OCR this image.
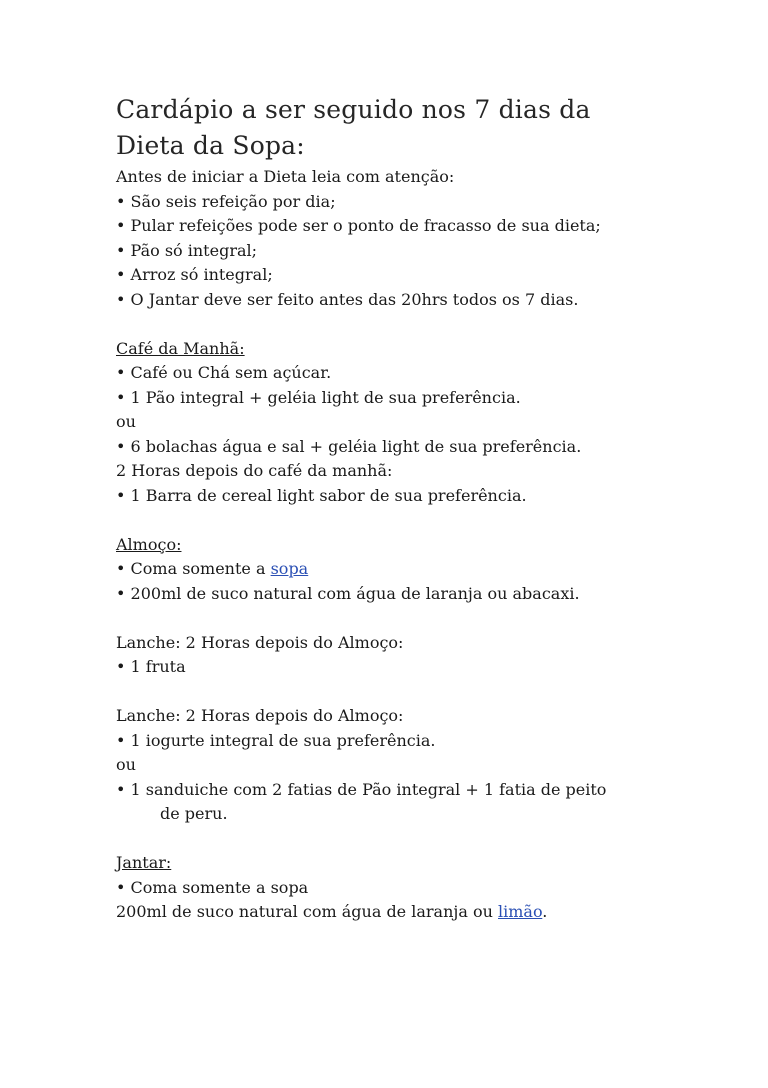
Cardápio a ser seguido nos 7 dias da
Dieta da Sopa:
Antes de iniciar a Dieta leia com atenção:
• São seis refeição por dia;
• Pular refeições pode ser o ponto de fracasso de sua dieta;
• Pão só integral;
• Arroz só integral;
• O Jantar deve ser feito antes das 20hrs todos os 7 dias.
Café da Manhã:
• Café ou Chá sem açúcar.
• 1 Pão integral + geléia light de sua preferência.
ou
• 6 bolachas água e sal + geléia light de sua preferência.
2 Horas depois do café da manhã:
• 1 Barra de cereal light sabor de sua preferência.
Almoço:
• Coma somente a sopa
• 200ml de suco natural com água de laranja ou abacaxi.
Lanche: 2 Horas depois do Almoço:
• 1 fruta
Lanche: 2 Horas depois do Almoço:
• 1 iogurte integral de sua preferência.
ou
• 1 sanduiche com 2 fatias de Pão integral + 1 fatia de peito
de peru.
Jantar:
• Coma somente a sopa
200ml de suco natural com água de laranja ou limão.
